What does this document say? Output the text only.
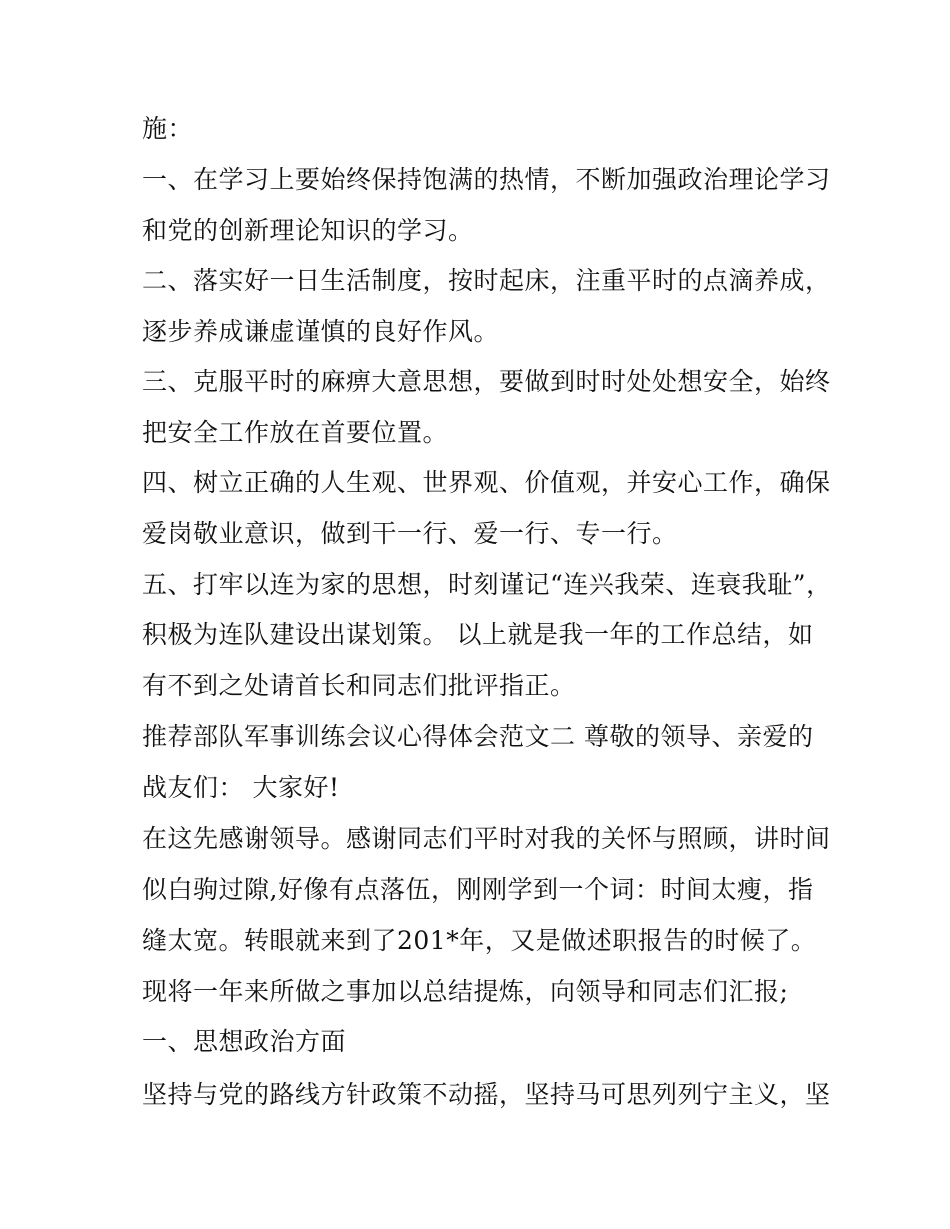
施：
一、在学习上要始终保持饱满的热情，不断加强政治理论学习
和党的创新理论知识的学习。
二、落实好一日生活制度，按时起床，注重平时的点滴养成，
逐步养成谦虚谨慎的良好作风。
三、克服平时的麻痹大意思想，要做到时时处处想安全，始终
把安全工作放在首要位置。
四、树立正确的人生观、世界观、价值观，并安心工作，确保
爱岗敬业意识，做到干一行、爱一行、专一行。
五、打牢以连为家的思想，时刻谨记“连兴我荣、连衰我耻”，
积极为连队建设出谋划策。 以上就是我一年的工作总结，如
有不到之处请首长和同志们批评指正。
推荐部队军事训练会议心得体会范文二 尊敬的领导、亲爱的
战友们： 大家好!
在这先感谢领导。感谢同志们平时对我的关怀与照顾，讲时间
似白驹过隙,好像有点落伍，刚刚学到一个词：时间太瘦，指
缝太宽。转眼就来到了201*年，又是做述职报告的时候了。
现将一年来所做之事加以总结提炼，向领导和同志们汇报;
一、思想政治方面
坚持与党的路线方针政策不动摇，坚持马可思列列宁主义，坚
